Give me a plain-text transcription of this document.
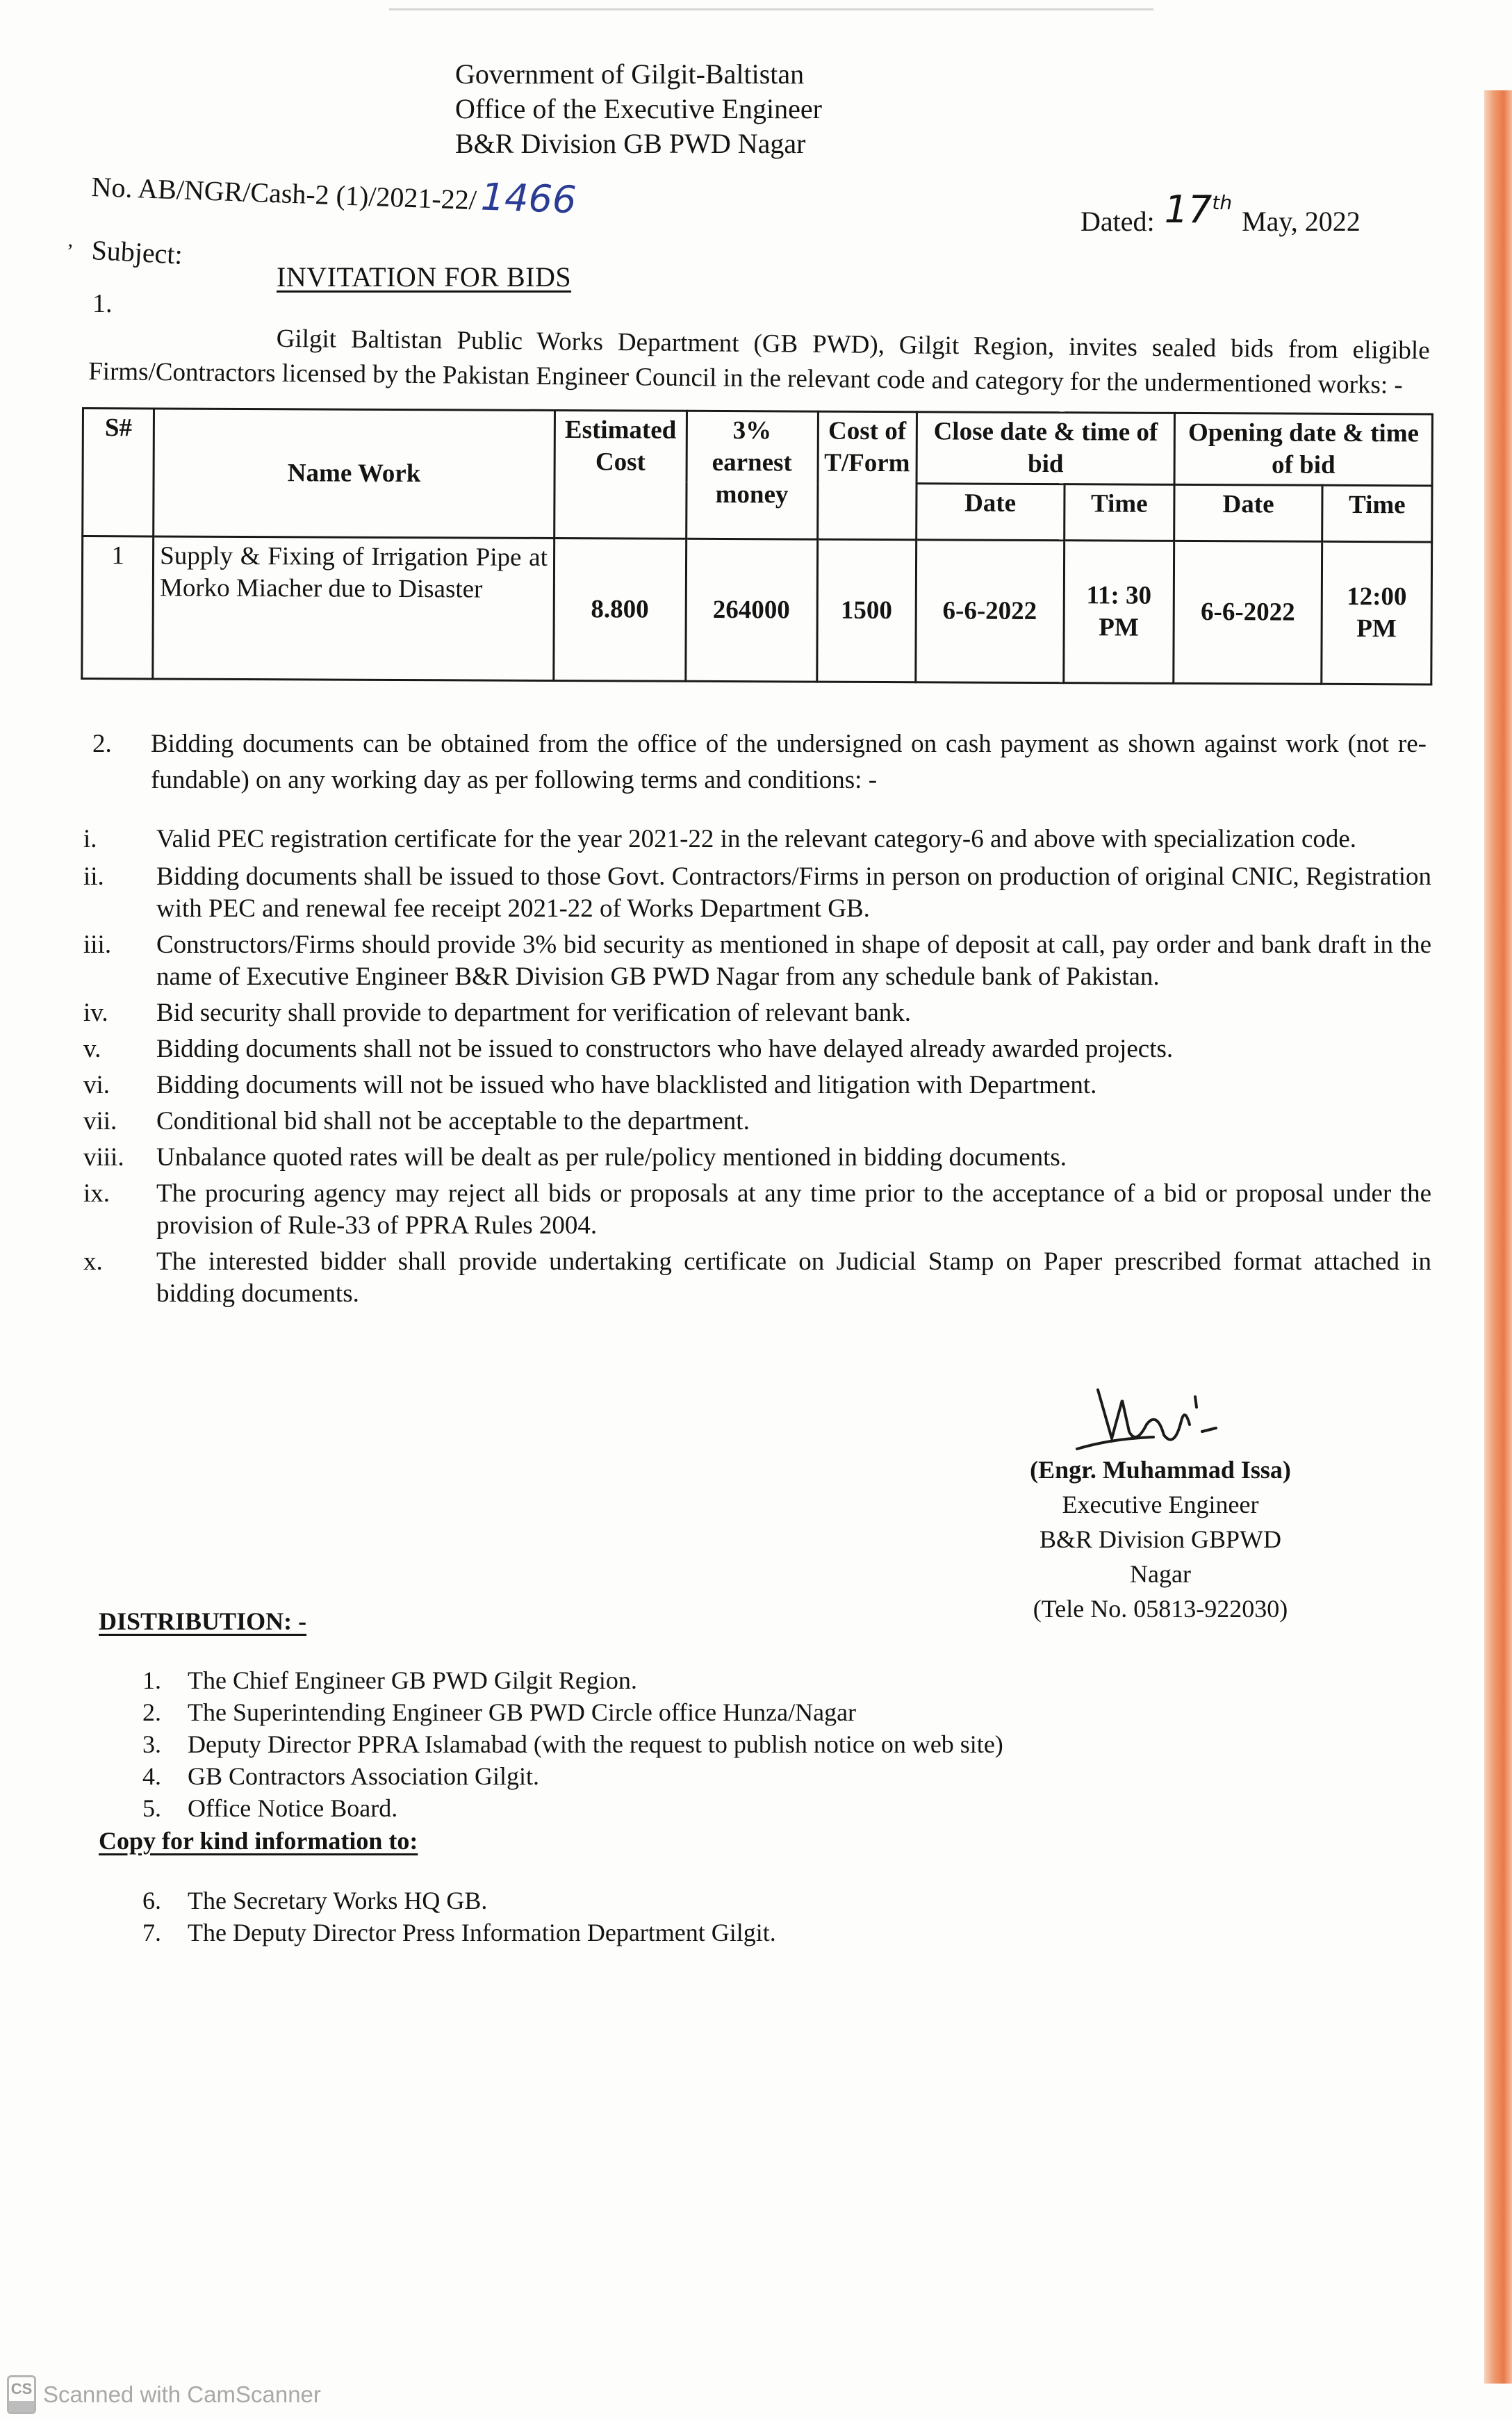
Government of Gilgit-Baltistan
Office of the Executive Engineer
B&R Division GB PWD Nagar
No. AB/NGR/Cash-2 (1)/2021-22/1466	Dated: 17th May, 2022
’ Subject:
INVITATION FOR BIDS
1.
Gilgit Baltistan Public Works Department (GB PWD), Gilgit Region, invites sealed bids from eligible Firms/Contractors licensed by the Pakistan Engineer Council in the relevant code and category for the undermentioned works: -
S#	Name Work	Estimated Cost	3% earnest money	Cost of T/Form	Close date & time of bid		Opening date & time of bid	
					Date	Time	Date	Time
1	Supply & Fixing of Irrigation Pipe at Morko Miacher due to Disaster	8.800	264000	1500	6-6-2022	11: 30 PM	6-6-2022	12:00 PM
2. Bidding documents can be obtained from the office of the undersigned on cash payment as shown against work (not re-fundable) on any working day as per following terms and conditions: -
i.	Valid PEC registration certificate for the year 2021-22 in the relevant category-6 and above with specialization code.
ii.	Bidding documents shall be issued to those Govt. Contractors/Firms in person on production of original CNIC, Registration with PEC and renewal fee receipt 2021-22 of Works Department GB.
iii.	Constructors/Firms should provide 3% bid security as mentioned in shape of deposit at call, pay order and bank draft in the name of Executive Engineer B&R Division GB PWD Nagar from any schedule bank of Pakistan.
iv.	Bid security shall provide to department for verification of relevant bank.
v.	Bidding documents shall not be issued to constructors who have delayed already awarded projects.
vi.	Bidding documents will not be issued who have blacklisted and litigation with Department.
vii.	Conditional bid shall not be acceptable to the department.
viii.	Unbalance quoted rates will be dealt as per rule/policy mentioned in bidding documents.
ix.	The procuring agency may reject all bids or proposals at any time prior to the acceptance of a bid or proposal under the provision of Rule-33 of PPRA Rules 2004.
x.	The interested bidder shall provide undertaking certificate on Judicial Stamp on Paper prescribed format attached in bidding documents.
(Engr. Muhammad Issa)
Executive Engineer
B&R Division GBPWD
Nagar
(Tele No. 05813-922030)
DISTRIBUTION: -
1. The Chief Engineer GB PWD Gilgit Region.
2. The Superintending Engineer GB PWD Circle office Hunza/Nagar
3. Deputy Director PPRA Islamabad (with the request to publish notice on web site)
4. GB Contractors Association Gilgit.
5. Office Notice Board.
Copy for kind information to:
6. The Secretary Works HQ GB.
7. The Deputy Director Press Information Department Gilgit.
CS Scanned with CamScanner
